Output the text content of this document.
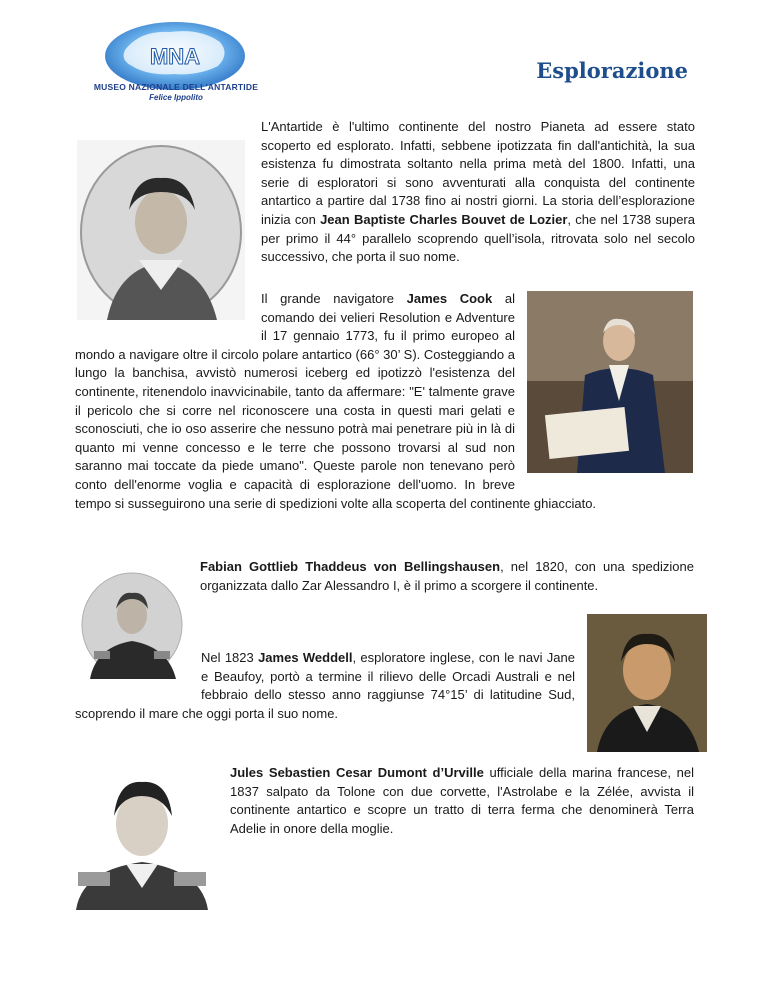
MNA
MUSEO NAZIONALE DELL'ANTARTIDE
Felice Ippolito
Esplorazione

L'Antartide è l'ultimo continente del nostro Pianeta ad essere stato scoperto ed esplorato. Infatti, sebbene ipotizzata fin dall'antichità, la sua esistenza fu dimostrata soltanto nella prima metà del 1800. Infatti, una serie di esploratori si sono avventurati alla conquista del continente antartico a partire dal 1738 fino ai nostri giorni. La storia dell’esplorazione inizia con Jean Baptiste Charles Bouvet de Lozier, che nel 1738 supera per primo il 44° parallelo scoprendo quell’isola, ritrovata solo nel secolo successivo, che porta il suo nome.

Il grande navigatore James Cook al comando dei velieri Resolution e Adventure il 17 gennaio 1773, fu il primo europeo al mondo a navigare oltre il circolo polare antartico (66° 30’ S). Costeggiando a lungo la banchisa, avvistò numerosi iceberg ed ipotizzò l'esistenza del continente, ritenendolo inavvicinabile, tanto da affermare: "E' talmente grave il pericolo che si corre nel riconoscere una costa in questi mari gelati e sconosciuti, che io oso asserire che nessuno potrà mai penetrare più in là di quanto mi venne concesso e le terre che possono trovarsi al sud non saranno mai toccate da piede umano". Queste parole non tenevano però conto dell'enorme voglia e capacità di esplorazione dell'uomo. In breve tempo si susseguirono una serie di spedizioni volte alla scoperta del continente ghiacciato.

Fabian Gottlieb Thaddeus von Bellingshausen, nel 1820, con una spedizione organizzata dallo Zar Alessandro I, è il primo a scorgere il continente.

Nel 1823 James Weddell, esploratore inglese, con le navi Jane e Beaufoy, portò a termine il rilievo delle Orcadi Australi e nel febbraio dello stesso anno raggiunse 74°15’ di latitudine Sud, scoprendo il mare che oggi porta il suo nome.

Jules Sebastien Cesar Dumont d’Urville ufficiale della marina francese, nel 1837 salpato da Tolone con due corvette, l'Astrolabe e la Zélée, avvista il continente antartico e scopre un tratto di terra ferma che denominerà Terra Adelie in onore della moglie.
